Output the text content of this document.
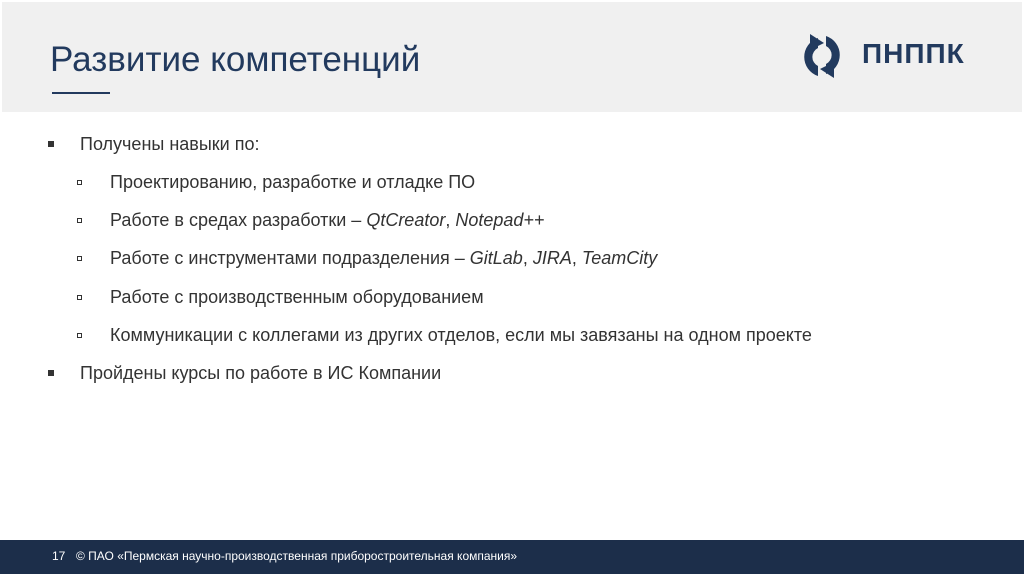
Развитие компетенций	ПНППК
Получены навыки по:
Проектированию, разработке и отладке ПО
Работе в средах разработки – QtCreator, Notepad++
Работе с инструментами подразделения – GitLab, JIRA, TeamCity
Работе с производственным оборудованием
Коммуникации с коллегами из других отделов, если мы завязаны на одном проекте
Пройдены курсы по работе в ИС Компании
17 © ПАО «Пермская научно-производственная приборостроительная компания»
